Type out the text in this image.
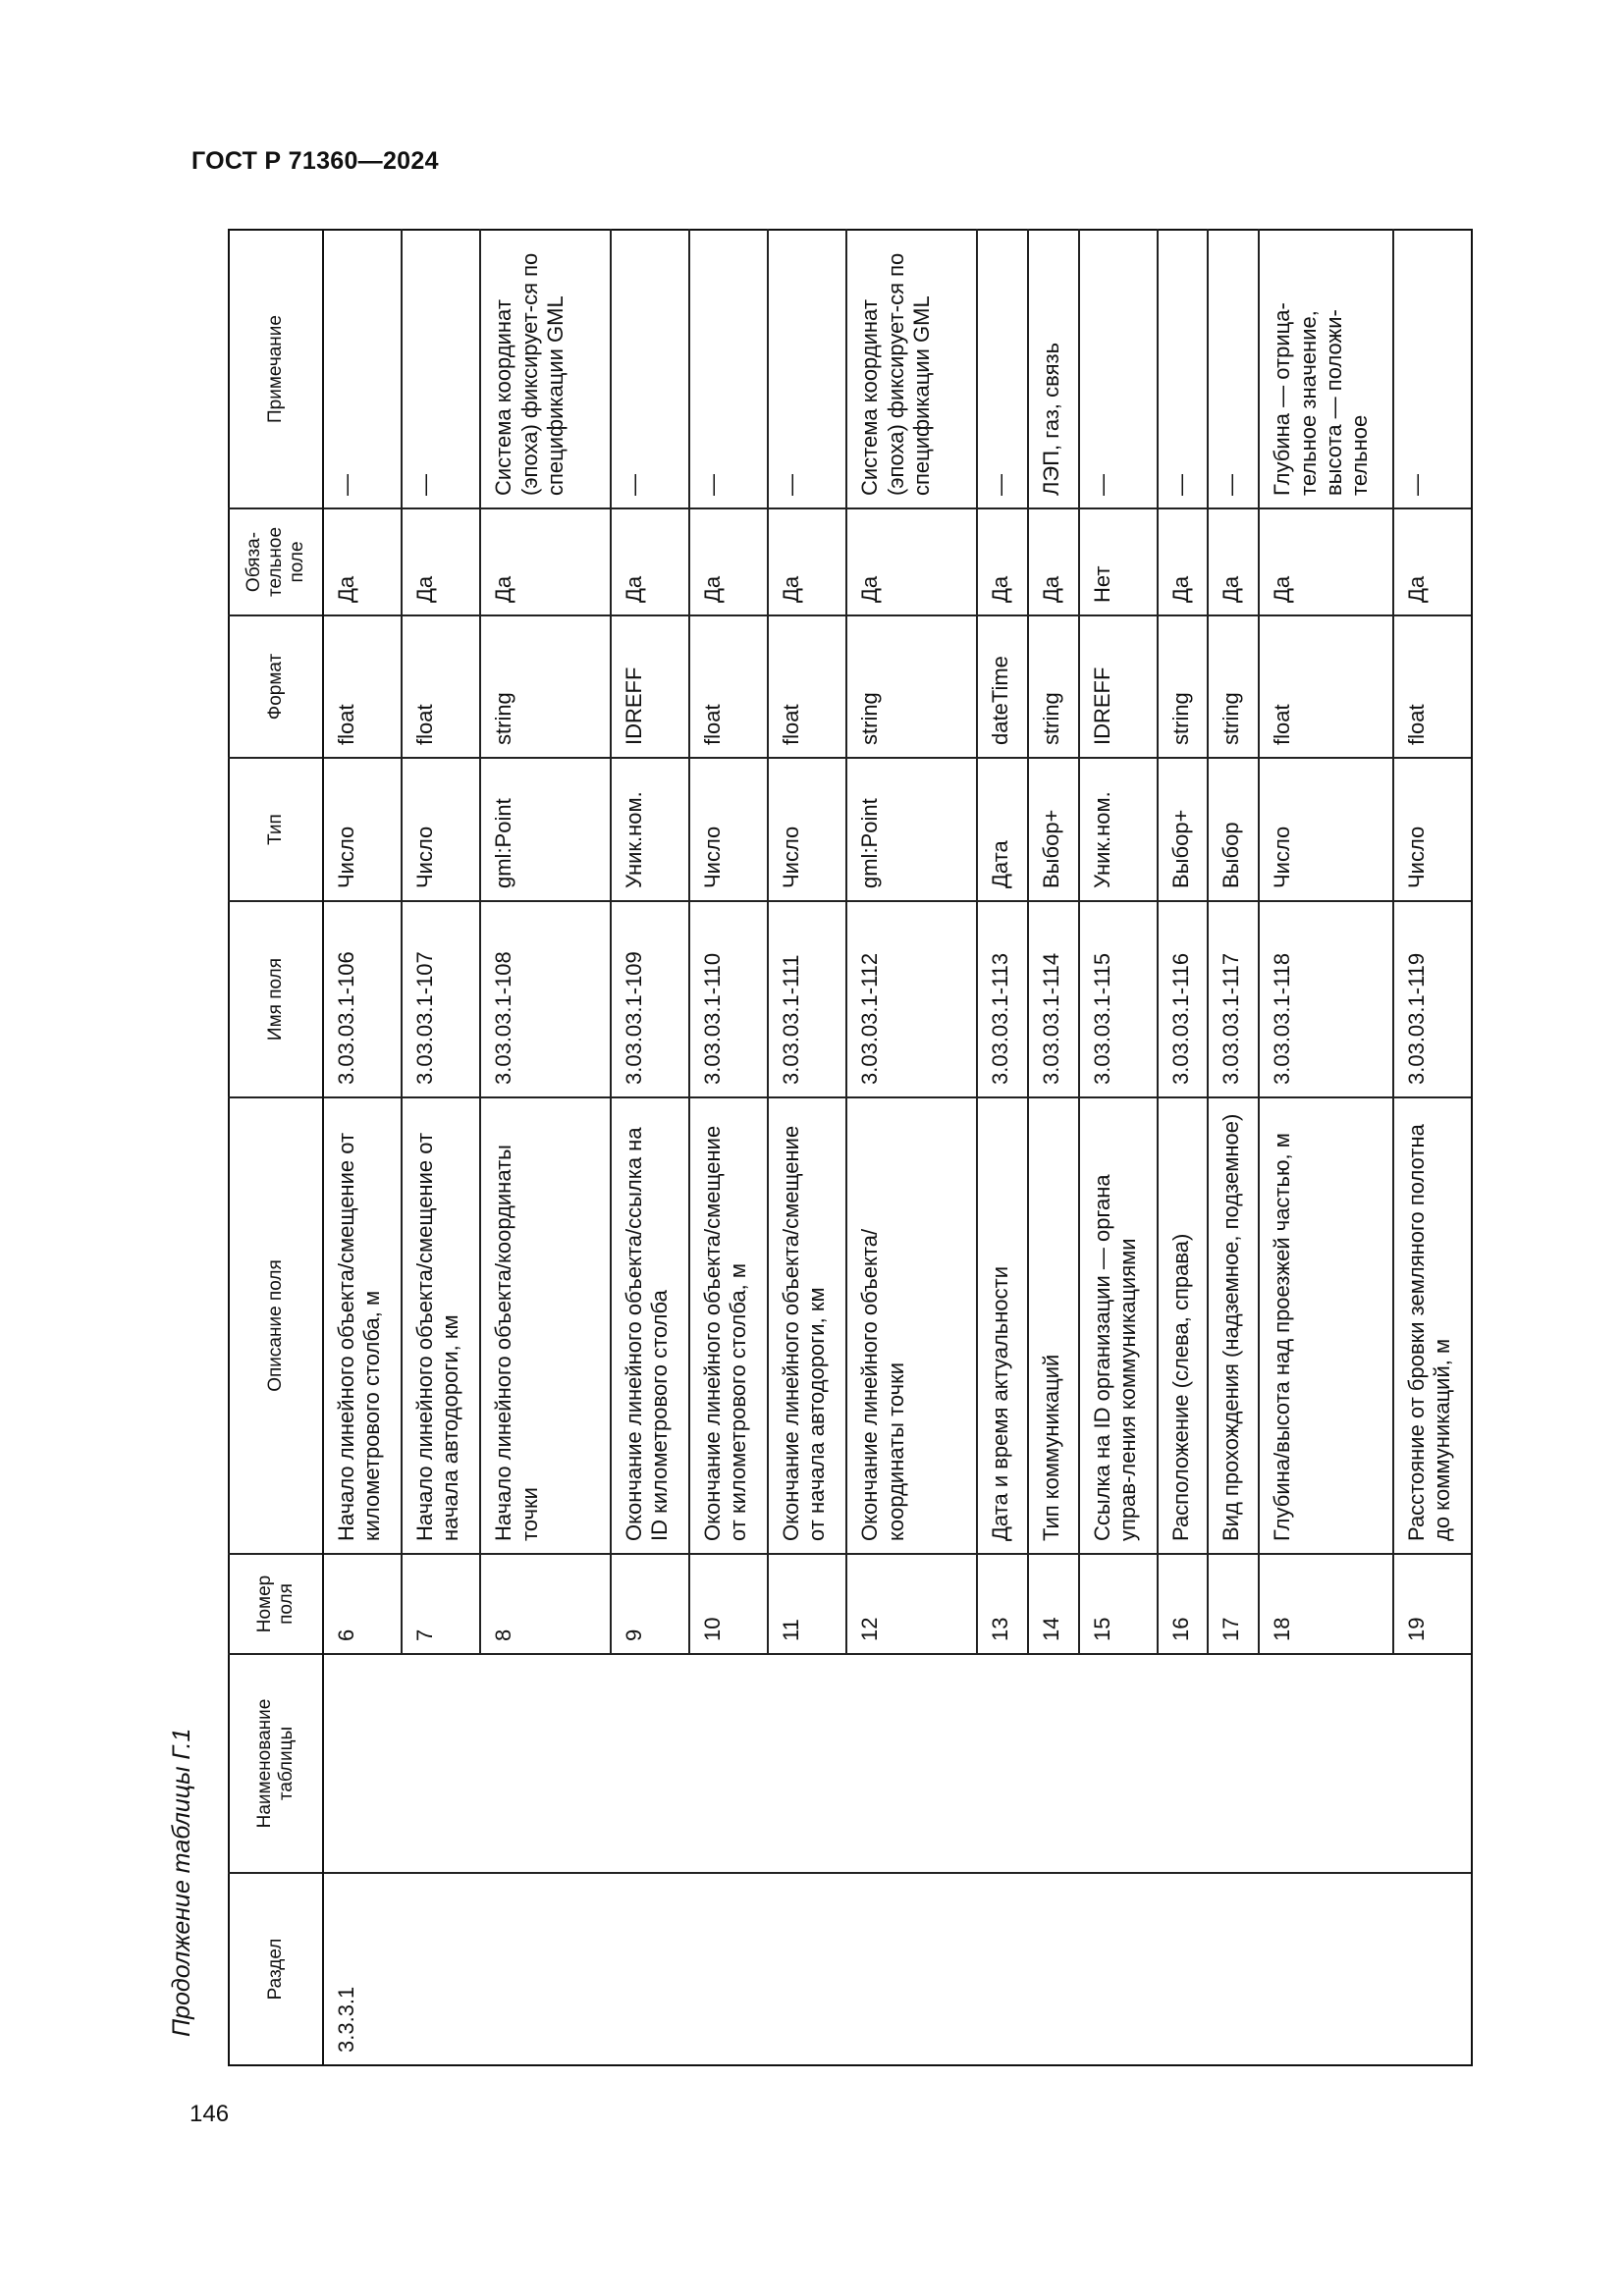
ГОСТ Р 71360—2024
Продолжение таблицы Г.1
146
Раздел	Наименование таблицы	Номер поля	Описание поля	Имя поля	Тип	Формат	Обяза-тельное поле	Примечание
3.3.3.1		6	Начало линейного объекта/смещение от километрового столба, м	3.03.03.1-106	Число	float	Да	—
		7	Начало линейного объекта/смещение от начала автодороги, км	3.03.03.1-107	Число	float	Да	—
		8	Начало линейного объекта/координаты точки	3.03.03.1-108	gml:Point	string	Да	Система координат (эпоха) фиксирует-ся по спецификации GML
		9	Окончание линейного объекта/ссылка на ID километрового столба	3.03.03.1-109	Уник.ном.	IDREFF	Да	—
		10	Окончание линейного объекта/смещение от километрового столба, м	3.03.03.1-110	Число	float	Да	—
		11	Окончание линейного объекта/смещение от начала автодороги, км	3.03.03.1-111	Число	float	Да	—
		12	Окончание линейного объекта/координаты точки	3.03.03.1-112	gml:Point	string	Да	Система координат (эпоха) фиксирует-ся по спецификации GML
		13	Дата и время актуальности	3.03.03.1-113	Дата	dateTime	Да	—
		14	Тип коммуникаций	3.03.03.1-114	Выбор+	string	Да	ЛЭП, газ, связь
		15	Ссылка на ID организации — органа управ-ления коммуникациями	3.03.03.1-115	Уник.ном.	IDREFF	Нет	—
		16	Расположение (слева, справа)	3.03.03.1-116	Выбор+	string	Да	—
		17	Вид прохождения (надземное, подземное)	3.03.03.1-117	Выбор	string	Да	—
		18	Глубина/высота над проезжей частью, м	3.03.03.1-118	Число	float	Да	Глубина — отрица-тельное значение, высота — положи-тельное
		19	Расстояние от бровки земляного полотна до коммуникаций, м	3.03.03.1-119	Число	float	Да	—
